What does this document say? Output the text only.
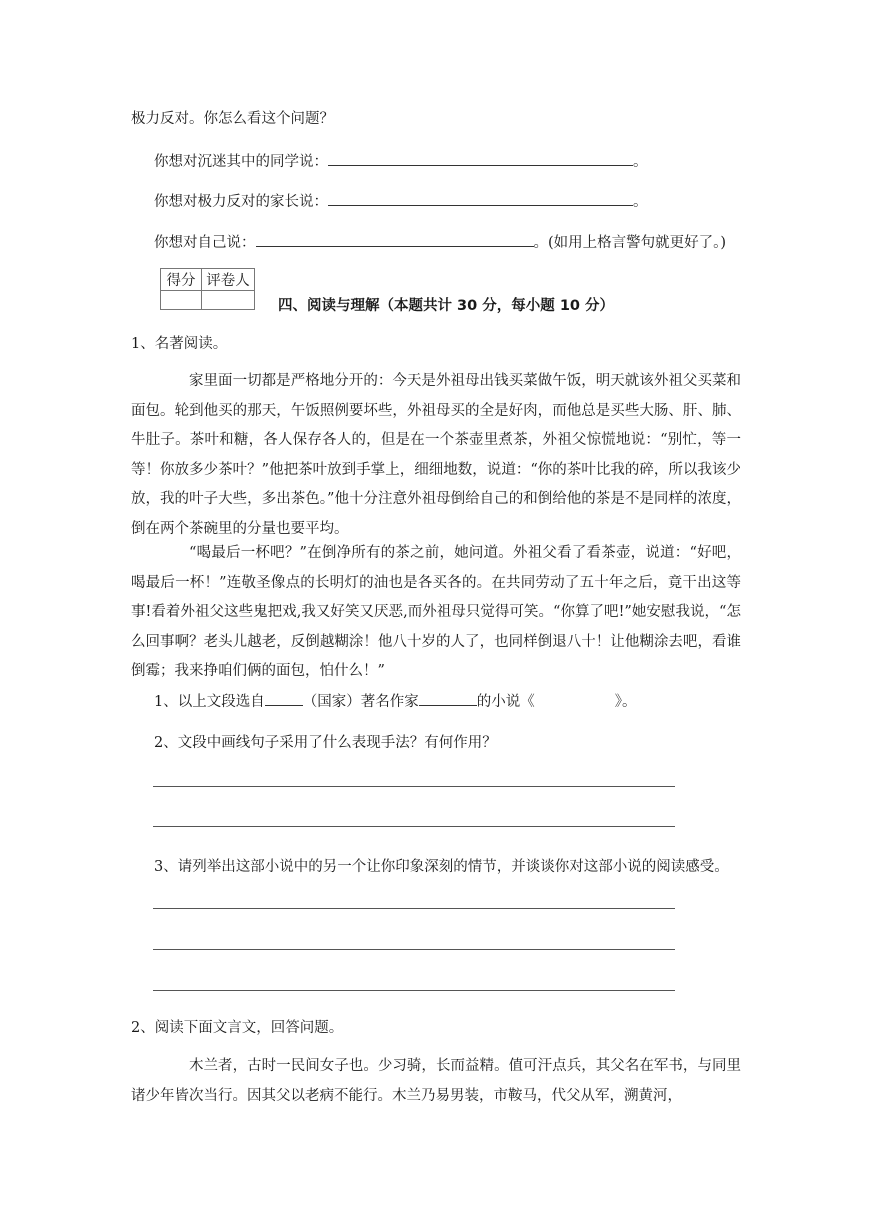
极力反对。你怎么看这个问题？
你想对沉迷其中的同学说：	。
你想对极力反对的家长说：	。
你想对自己说：	。(如用上格言警句就更好了。)
得分	评卷人

四、阅读与理解（本题共计 30 分，每小题 10 分）
1、名著阅读。

家里面一切都是严格地分开的：今天是外祖母出钱买菜做午饭，明天就该外祖父买菜和面包。轮到他买的那天，午饭照例要坏些，外祖母买的全是好肉，而他总是买些大肠、肝、肺、牛肚子。茶叶和糖，各人保存各人的，但是在一个茶壶里煮茶，外祖父惊慌地说：“别忙，等一等！你放多少茶叶？”他把茶叶放到手掌上，细细地数，说道：“你的茶叶比我的碎，所以我该少放，我的叶子大些，多出茶色。”他十分注意外祖母倒给自己的和倒给他的茶是不是同样的浓度，倒在两个茶碗里的分量也要平均。

“喝最后一杯吧？”在倒净所有的茶之前，她问道。外祖父看了看茶壶，说道：“好吧，喝最后一杯！”连敬圣像点的长明灯的油也是各买各的。在共同劳动了五十年之后，竟干出这等事!看着外祖父这些鬼把戏,我又好笑又厌恶,而外祖母只觉得可笑。“你算了吧!”她安慰我说，“怎么回事啊？老头儿越老，反倒越糊涂！他八十岁的人了，也同样倒退八十！让他糊涂去吧，看谁倒霉；我来挣咱们俩的面包，怕什么！”

1、以上文段选自	（国家）著名作家	的小说《	》。
2、文段中画线句子采用了什么表现手法？有何作用？
3、请列举出这部小说中的另一个让你印象深刻的情节，并谈谈你对这部小说的阅读感受。
2、阅读下面文言文，回答问题。

木兰者，古时一民间女子也。少习骑，长而益精。值可汗点兵，其父名在军书，与同里诸少年皆次当行。因其父以老病不能行。木兰乃易男装，市鞍马，代父从军，溯黄河，
